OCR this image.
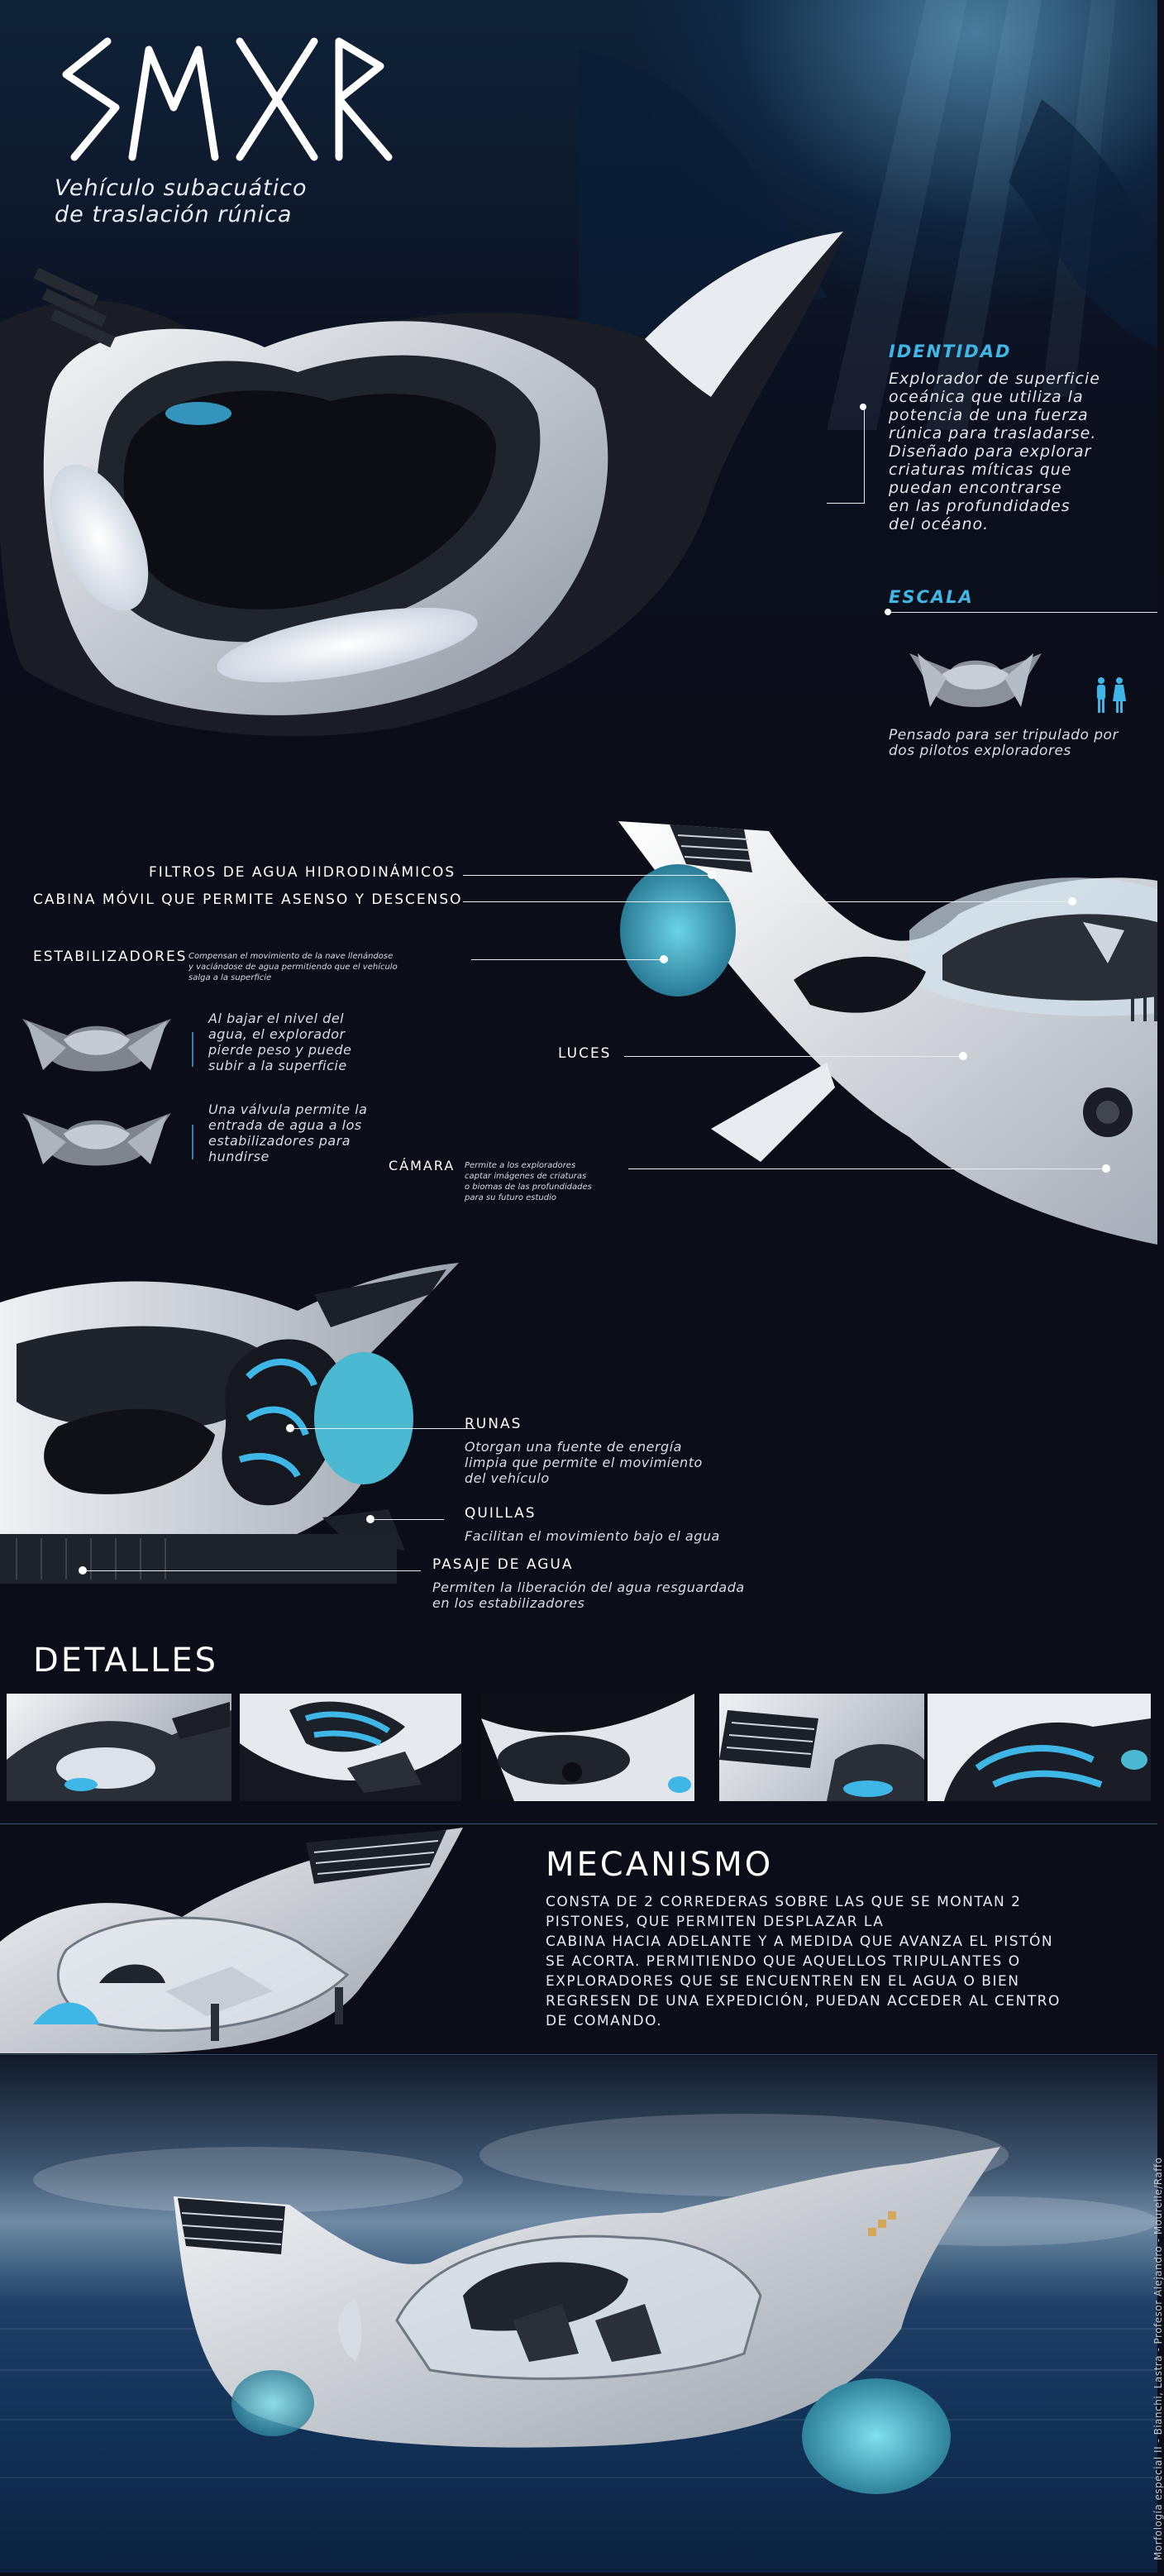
Vehículo subacuático
de traslación rúnica
IDENTIDAD
Explorador de superficie
oceánica que utiliza la
potencia de una fuerza
rúnica para trasladarse.
Diseñado para explorar
criaturas míticas que
puedan encontrarse
en las profundidades
del océano.
ESCALA
Pensado para ser tripulado por
dos pilotos exploradores
FILTROS DE AGUA HIDRODINÁMICOS
CABINA MÓVIL QUE PERMITE ASENSO Y DESCENSO
ESTABILIZADORES Compensan el movimiento de la nave llenándose
y vaciándose de agua permitiendo que el vehículo
salga a la superficie
Al bajar el nivel del
agua, el explorador
pierde peso y puede
subir a la superficie
Una válvula permite la
entrada de agua a los
estabilizadores para
hundirse
LUCES
CÁMARA Permite a los exploradores
captar imágenes de criaturas
o biomas de las profundidades
para su futuro estudio
RUNAS
Otorgan una fuente de energía
limpia que permite el movimiento
del vehículo
QUILLAS
Facilitan el movimiento bajo el agua
PASAJE DE AGUA
Permiten la liberación del agua resguardada
en los estabilizadores
DETALLES
MECANISMO
CONSTA DE 2 CORREDERAS SOBRE LAS QUE SE MONTAN 2
PISTONES, QUE PERMITEN DESPLAZAR LA
CABINA HACIA ADELANTE Y A MEDIDA QUE AVANZA EL PISTÓN
SE ACORTA. PERMITIENDO QUE AQUELLOS TRIPULANTES O
EXPLORADORES QUE SE ENCUENTREN EN EL AGUA O BIEN
REGRESEN DE UNA EXPEDICIÓN, PUEDAN ACCEDER AL CENTRO
DE COMANDO.
Morfología especial II - Bianchi, Lastra - Profesor Alejandro - Mourelle/Raffo
